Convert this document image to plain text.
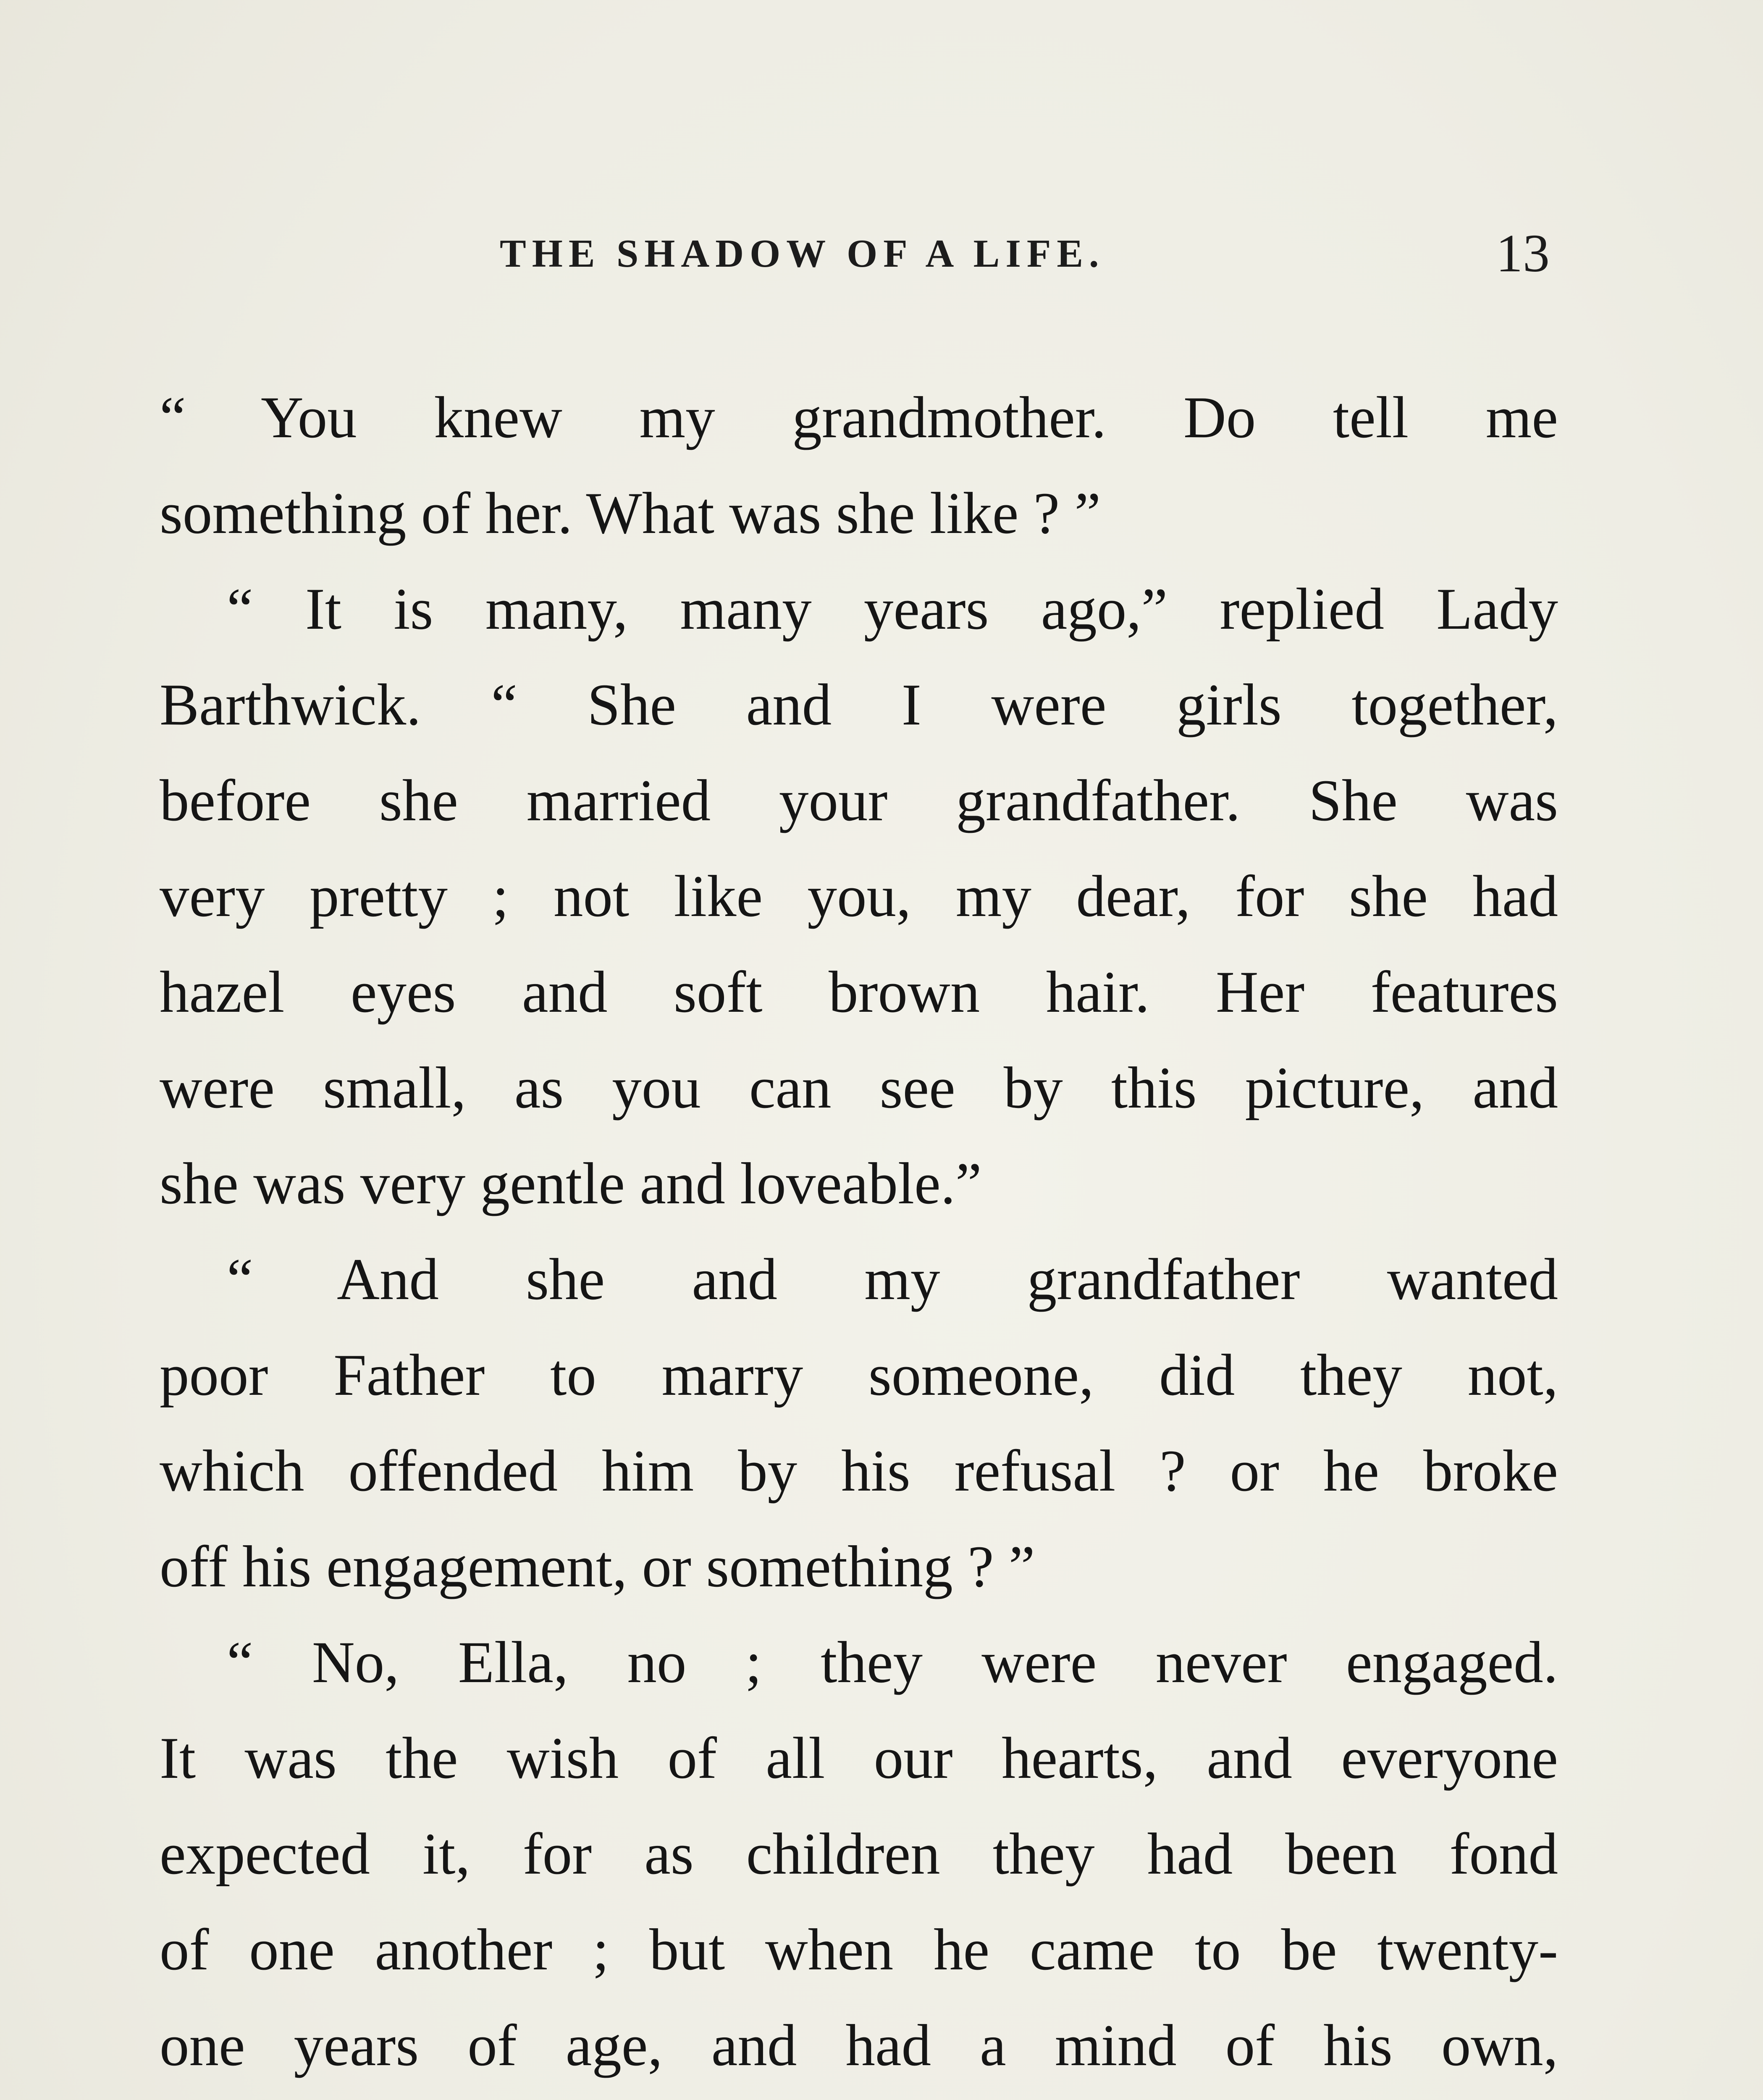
THE SHADOW OF A LIFE.	13
“ You knew my grandmother. Do tell me
something of her. What was she like ? ”
“ It is many, many years ago,” replied Lady
Barthwick. “ She and I were girls together,
before she married your grandfather. She was
very pretty ; not like you, my dear, for she had
hazel eyes and soft brown hair. Her features
were small, as you can see by this picture, and
she was very gentle and loveable.”
“ And she and my grandfather wanted
poor Father to marry someone, did they not,
which offended him by his refusal ? or he broke
off his engagement, or something ? ”
“ No, Ella, no ; they were never engaged.
It was the wish of all our hearts, and everyone
expected it, for as children they had been fond
of one another ; but when he came to be twenty-
one years of age, and had a mind of his own,
